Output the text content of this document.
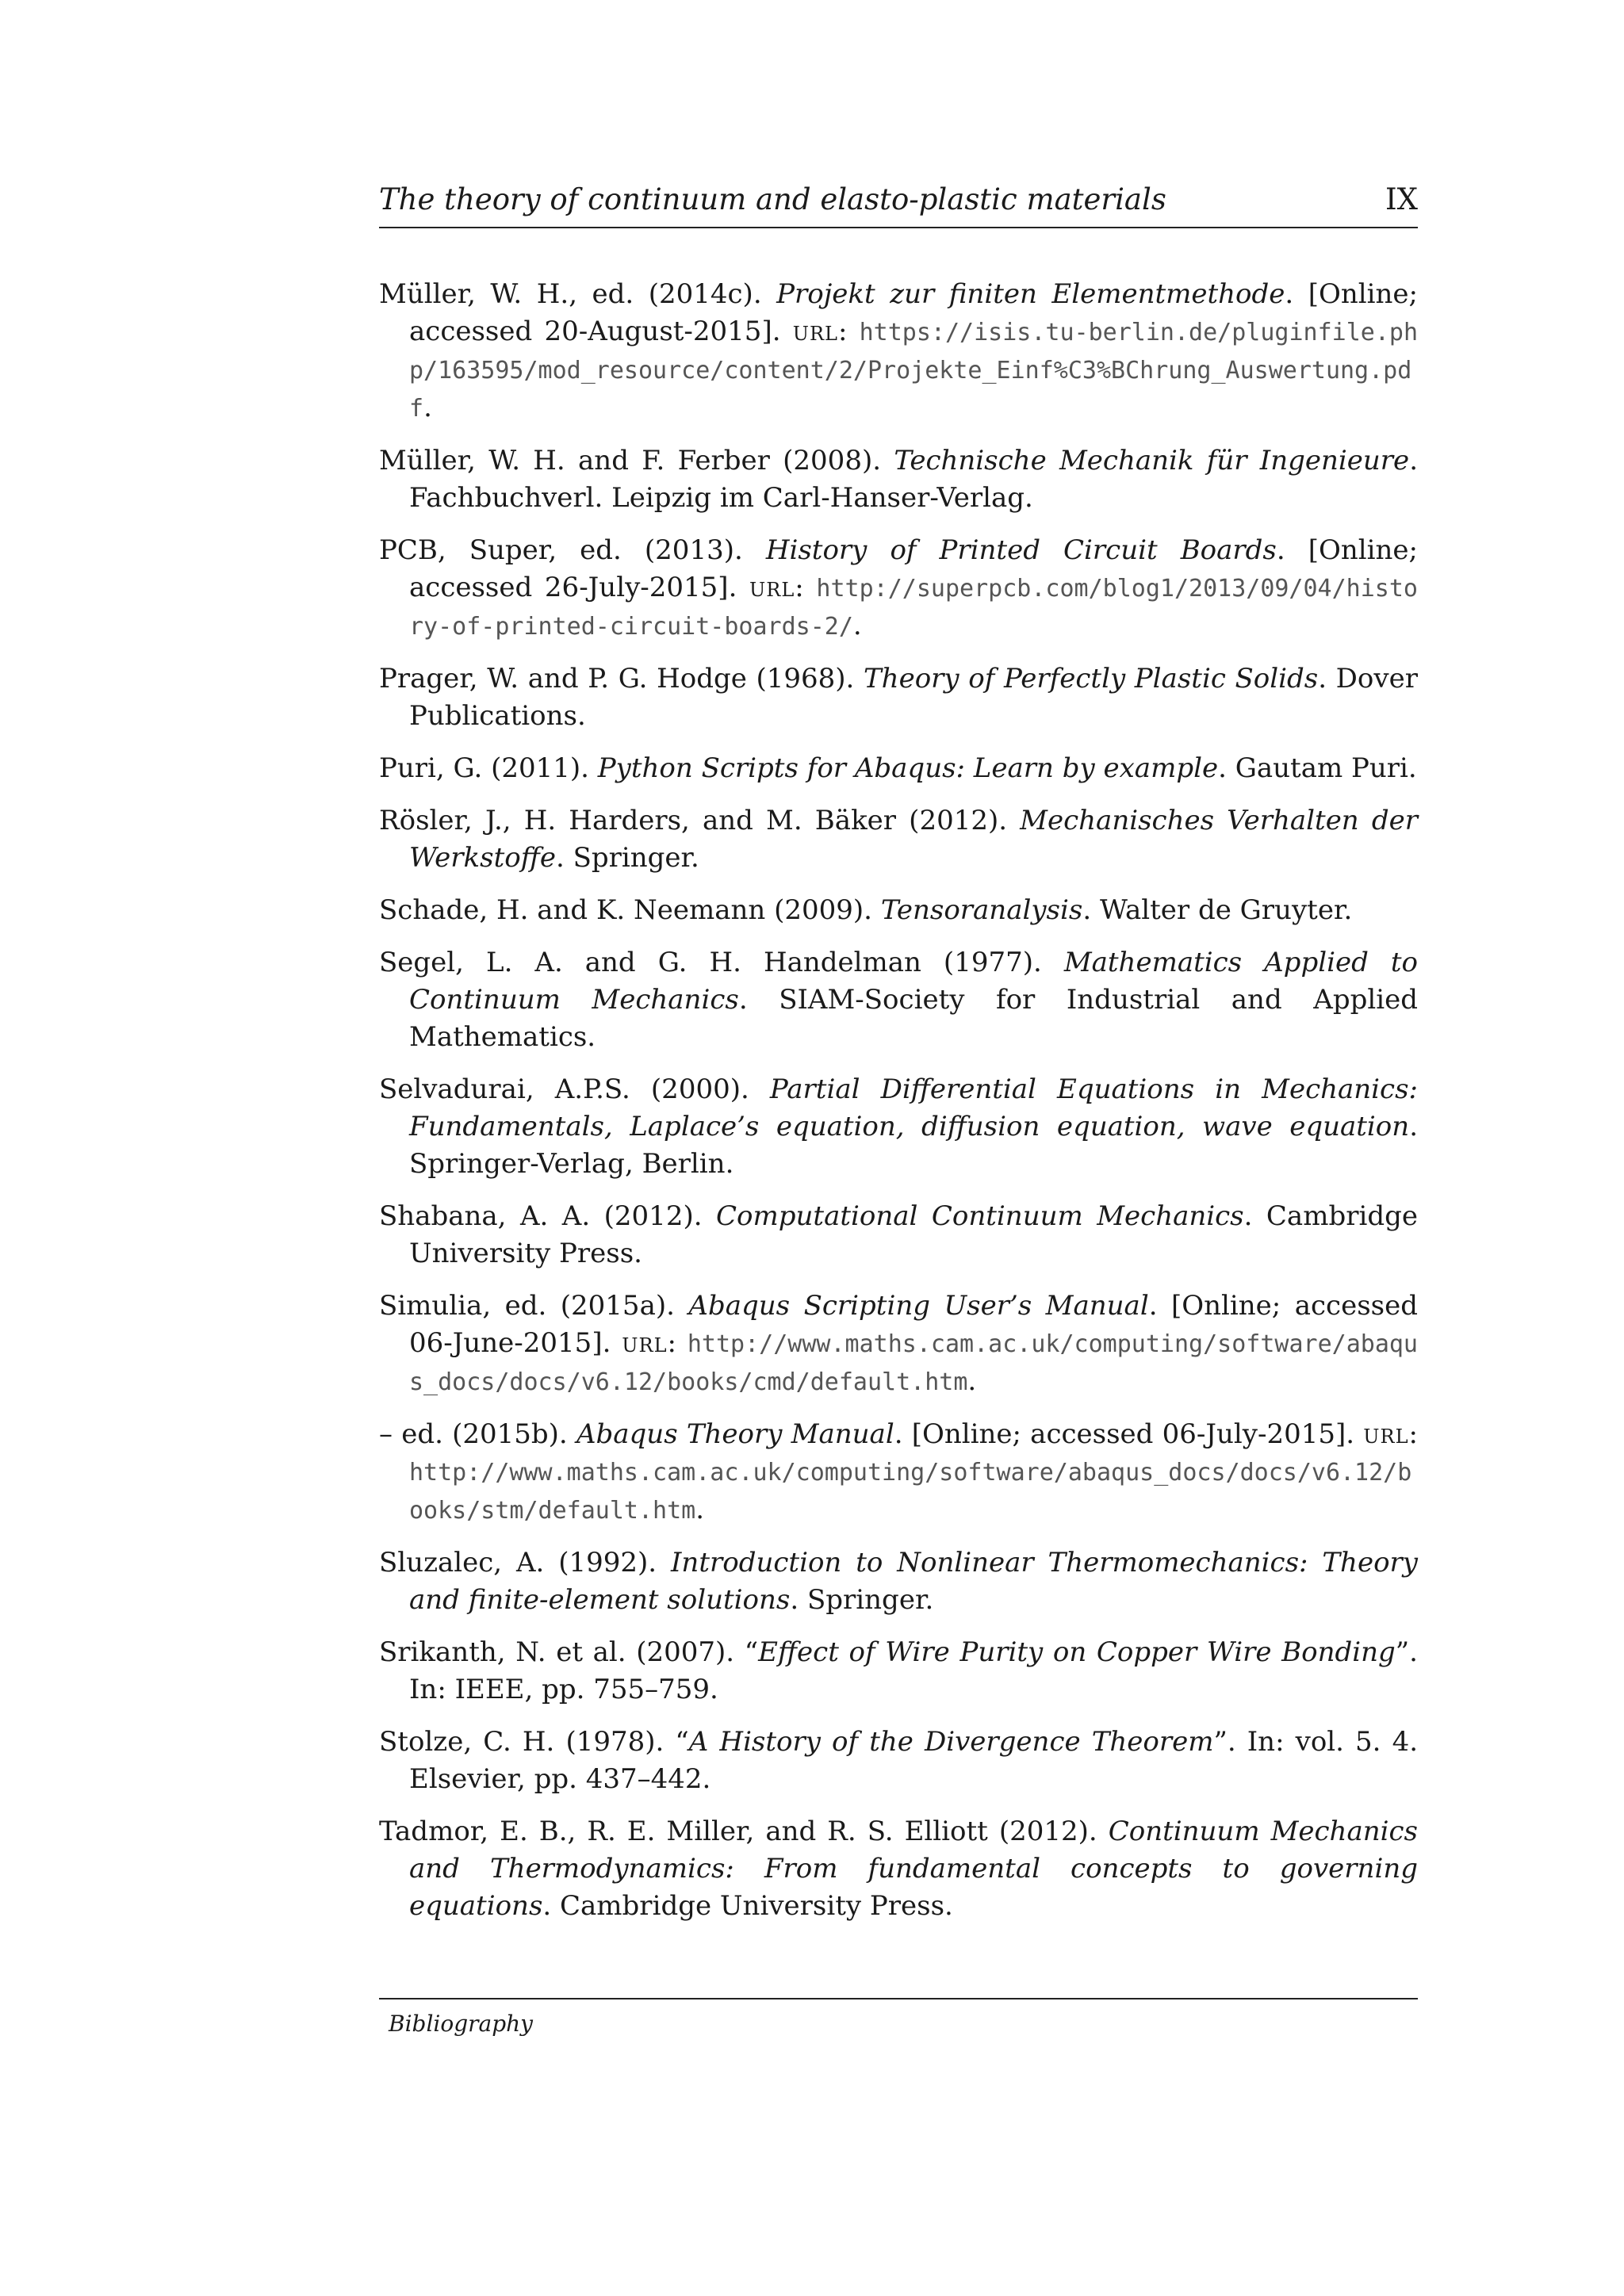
The theory of continuum and elasto-plastic materials	IX

Müller, W. H., ed. (2014c). Projekt zur finiten Elementmethode. [Online; accessed 20-August-2015]. url: https://isis.tu-berlin.de/pluginfile.php/163595/mod_resource/content/2/Projekte_Einf%C3%BChrung_Auswertung.pdf.

Müller, W. H. and F. Ferber (2008). Technische Mechanik für Ingenieure. Fachbuchverl. Leipzig im Carl-Hanser-Verlag.

PCB, Super, ed. (2013). History of Printed Circuit Boards. [Online; accessed 26-July-2015]. url: http://superpcb.com/blog1/2013/09/04/history-of-printed-circuit-boards-2/.

Prager, W. and P. G. Hodge (1968). Theory of Perfectly Plastic Solids. Dover Publications.

Puri, G. (2011). Python Scripts for Abaqus: Learn by example. Gautam Puri.

Rösler, J., H. Harders, and M. Bäker (2012). Mechanisches Verhalten der Werkstoffe. Springer.

Schade, H. and K. Neemann (2009). Tensoranalysis. Walter de Gruyter.

Segel, L. A. and G. H. Handelman (1977). Mathematics Applied to Continuum Mechanics. SIAM-Society for Industrial and Applied Mathematics.

Selvadurai, A.P.S. (2000). Partial Differential Equations in Mechanics: Fundamentals, Laplace’s equation, diffusion equation, wave equation. Springer-Verlag, Berlin.

Shabana, A. A. (2012). Computational Continuum Mechanics. Cambridge University Press.

Simulia, ed. (2015a). Abaqus Scripting User’s Manual. [Online; accessed 06-June-2015]. url: http://www.maths.cam.ac.uk/computing/software/abaqus_docs/docs/v6.12/books/cmd/default.htm.

– ed. (2015b). Abaqus Theory Manual. [Online; accessed 06-July-2015]. url: http://www.maths.cam.ac.uk/computing/software/abaqus_docs/docs/v6.12/books/stm/default.htm.

Sluzalec, A. (1992). Introduction to Nonlinear Thermomechanics: Theory and finite-element solutions. Springer.

Srikanth, N. et al. (2007). “Effect of Wire Purity on Copper Wire Bonding”. In: IEEE, pp. 755–759.

Stolze, C. H. (1978). “A History of the Divergence Theorem”. In: vol. 5. 4. Elsevier, pp. 437–442.

Tadmor, E. B., R. E. Miller, and R. S. Elliott (2012). Continuum Mechanics and Thermodynamics: From fundamental concepts to governing equations. Cambridge University Press.

Bibliography
